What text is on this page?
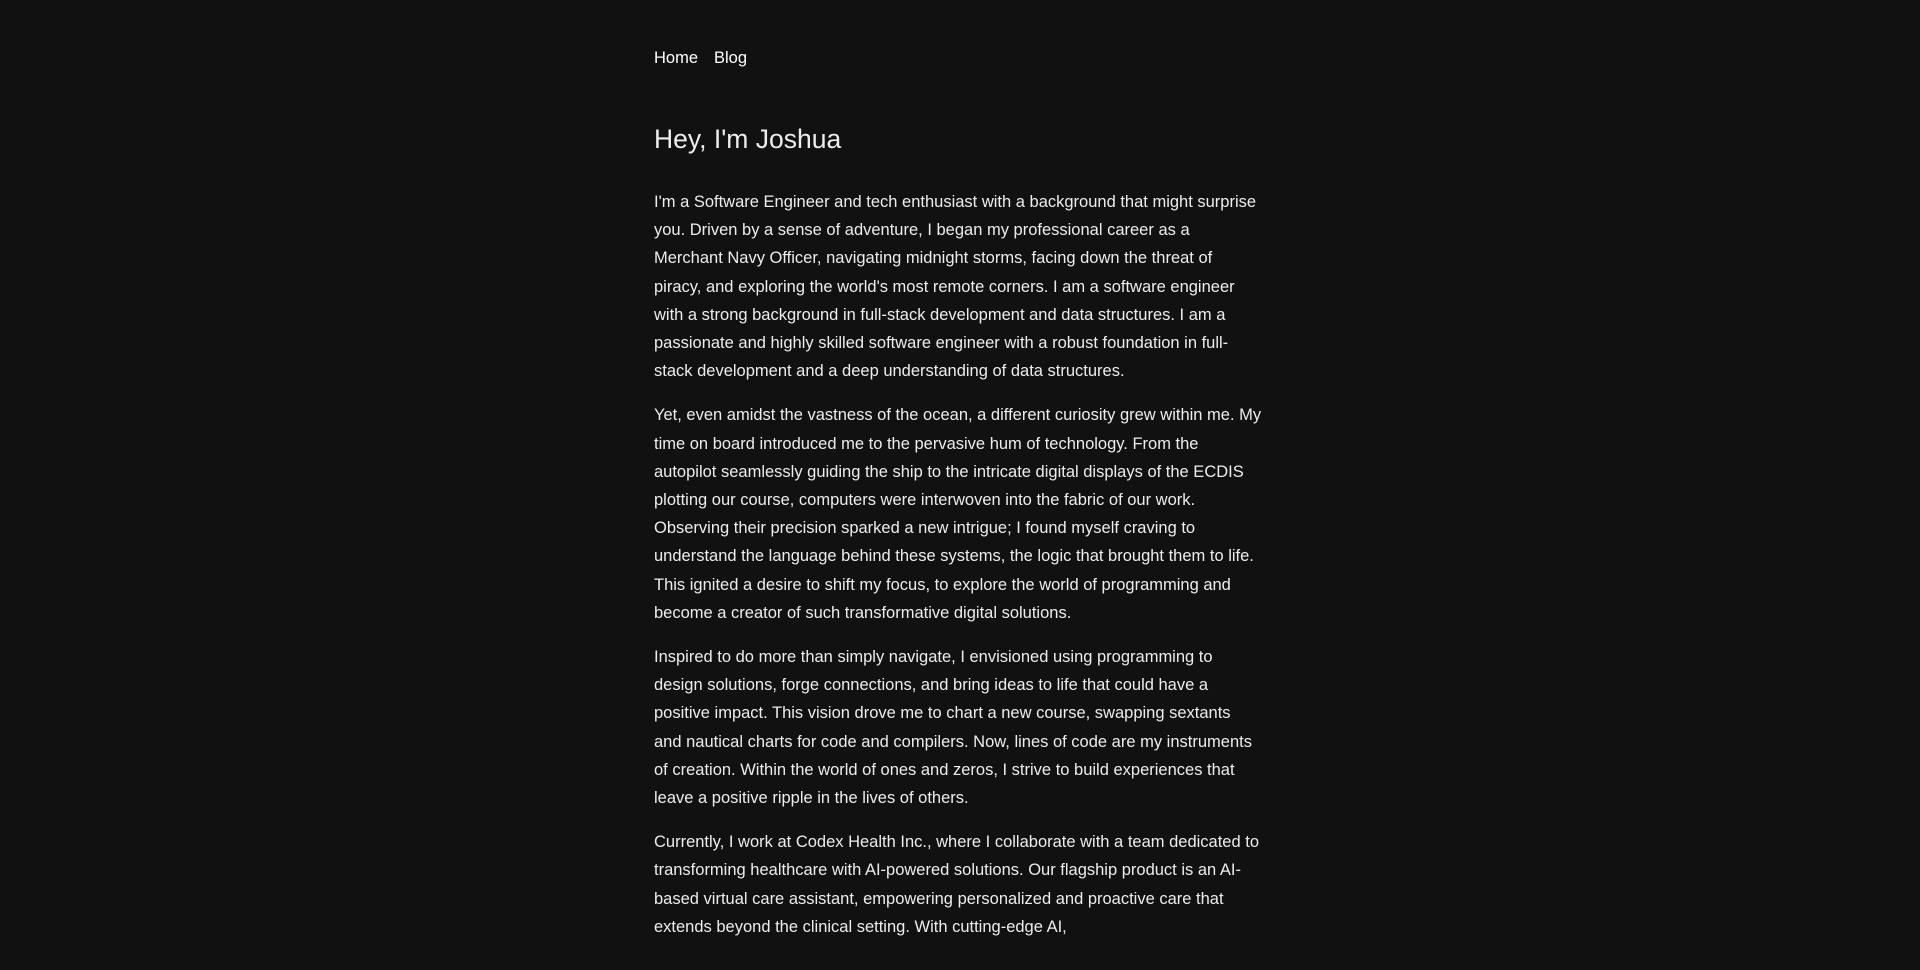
Home Blog
Hey, I'm Joshua

I'm a Software Engineer and tech enthusiast with a background that might surprise you. Driven by a sense of adventure, I began my professional career as a Merchant Navy Officer, navigating midnight storms, facing down the threat of piracy, and exploring the world's most remote corners. I am a software engineer with a strong background in full-stack development and data structures. I am a passionate and highly skilled software engineer with a robust foundation in full-stack development and a deep understanding of data structures.

Yet, even amidst the vastness of the ocean, a different curiosity grew within me. My time on board introduced me to the pervasive hum of technology. From the autopilot seamlessly guiding the ship to the intricate digital displays of the ECDIS plotting our course, computers were interwoven into the fabric of our work. Observing their precision sparked a new intrigue; I found myself craving to understand the language behind these systems, the logic that brought them to life. This ignited a desire to shift my focus, to explore the world of programming and become a creator of such transformative digital solutions.

Inspired to do more than simply navigate, I envisioned using programming to design solutions, forge connections, and bring ideas to life that could have a positive impact. This vision drove me to chart a new course, swapping sextants and nautical charts for code and compilers. Now, lines of code are my instruments of creation. Within the world of ones and zeros, I strive to build experiences that leave a positive ripple in the lives of others.

Currently, I work at Codex Health Inc., where I collaborate with a team dedicated to transforming healthcare with AI-powered solutions. Our flagship product is an AI-based virtual care assistant, empowering personalized and proactive care that extends beyond the clinical setting. With cutting-edge AI,
